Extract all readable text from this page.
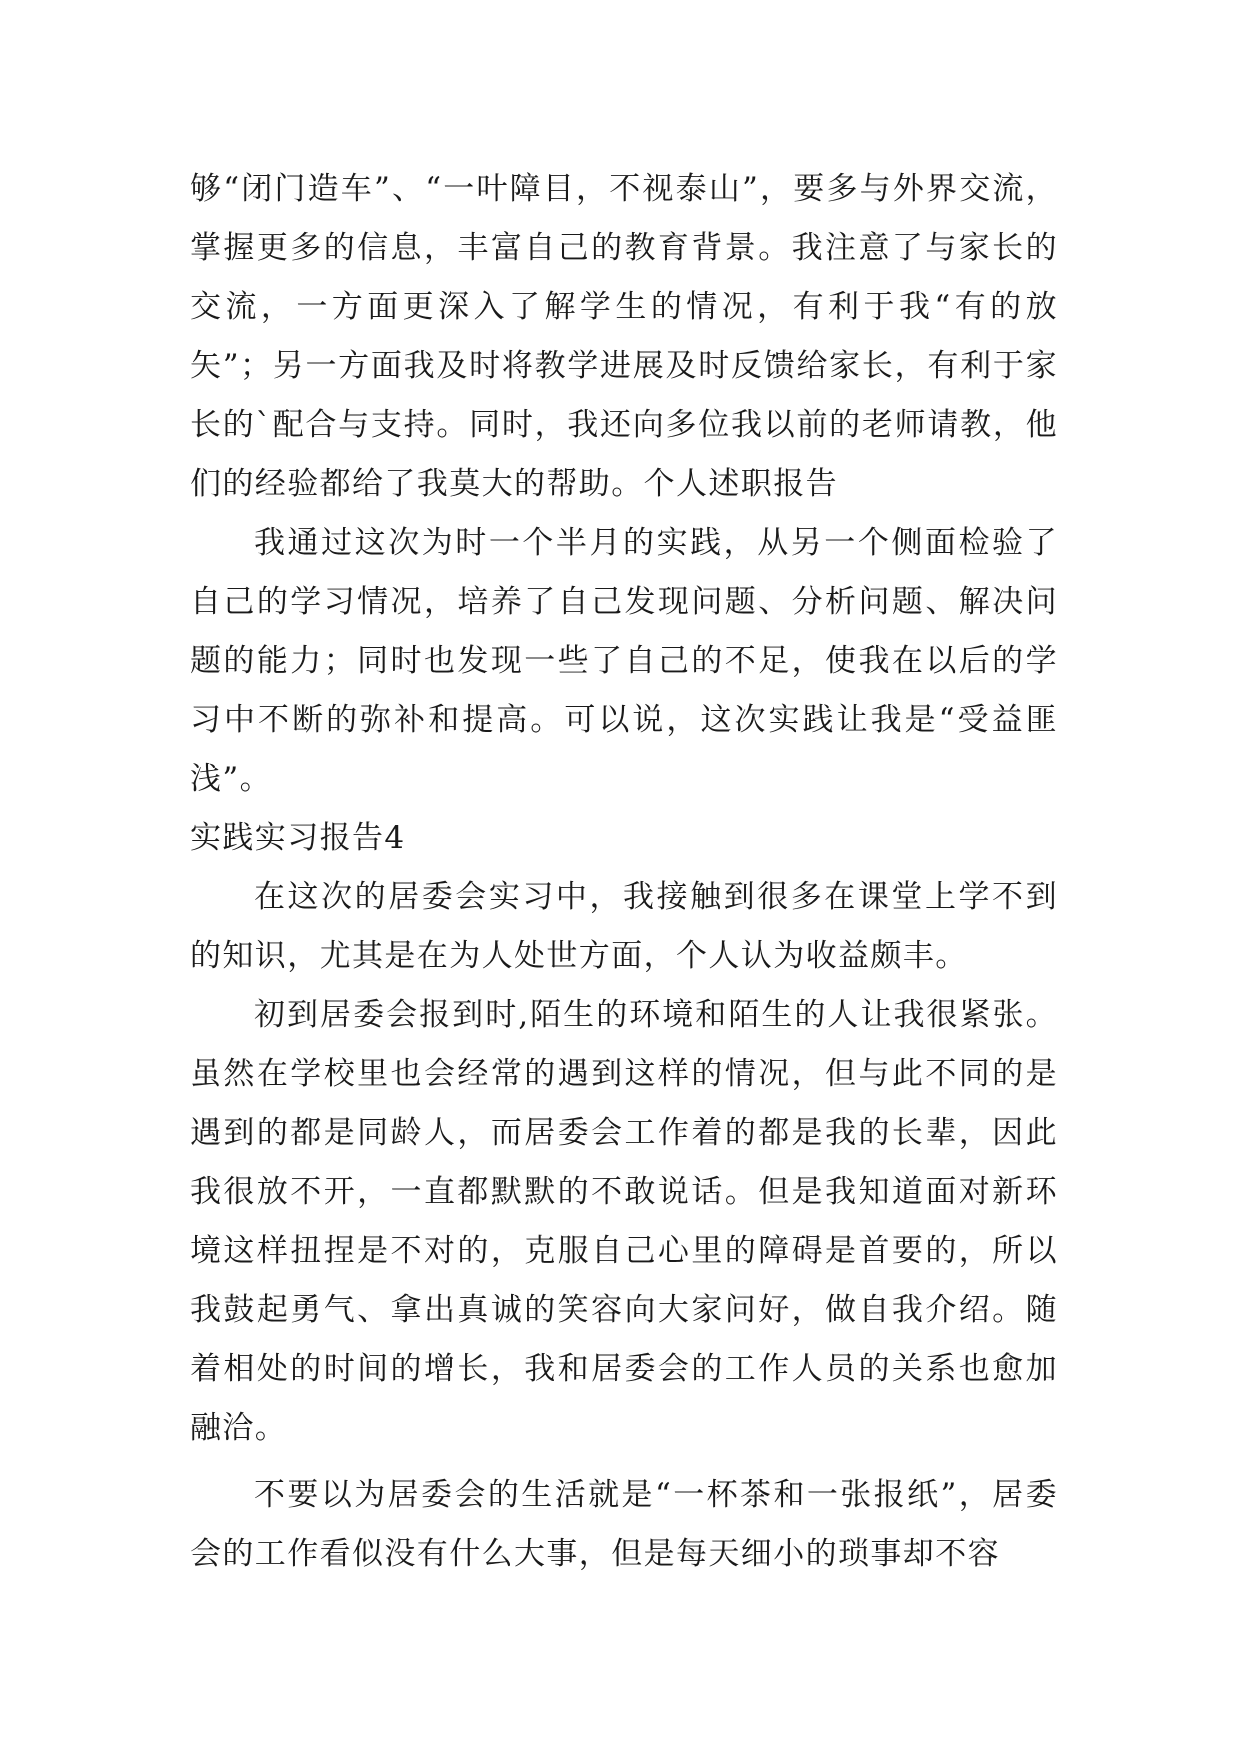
够“闭门造车”、“一叶障目，不视泰山”，要多与外界交流，掌握更多的信息，丰富自己的教育背景。我注意了与家长的交流，一方面更深入了解学生的情况，有利于我“有的放矢”；另一方面我及时将教学进展及时反馈给家长，有利于家长的`配合与支持。同时，我还向多位我以前的老师请教，他们的经验都给了我莫大的帮助。个人述职报告

我通过这次为时一个半月的实践，从另一个侧面检验了自己的学习情况，培养了自己发现问题、分析问题、解决问题的能力；同时也发现一些了自己的不足，使我在以后的学习中不断的弥补和提高。可以说，这次实践让我是“受益匪浅”。

实践实习报告4

在这次的居委会实习中，我接触到很多在课堂上学不到的知识，尤其是在为人处世方面，个人认为收益颇丰。

初到居委会报到时,陌生的环境和陌生的人让我很紧张。虽然在学校里也会经常的遇到这样的情况，但与此不同的是遇到的都是同龄人，而居委会工作着的都是我的长辈，因此我很放不开，一直都默默的不敢说话。但是我知道面对新环境这样扭捏是不对的，克服自己心里的障碍是首要的，所以我鼓起勇气、拿出真诚的笑容向大家问好，做自我介绍。随着相处的时间的增长，我和居委会的工作人员的关系也愈加融洽。

不要以为居委会的生活就是“一杯茶和一张报纸”，居委会的工作看似没有什么大事，但是每天细小的琐事却不容
